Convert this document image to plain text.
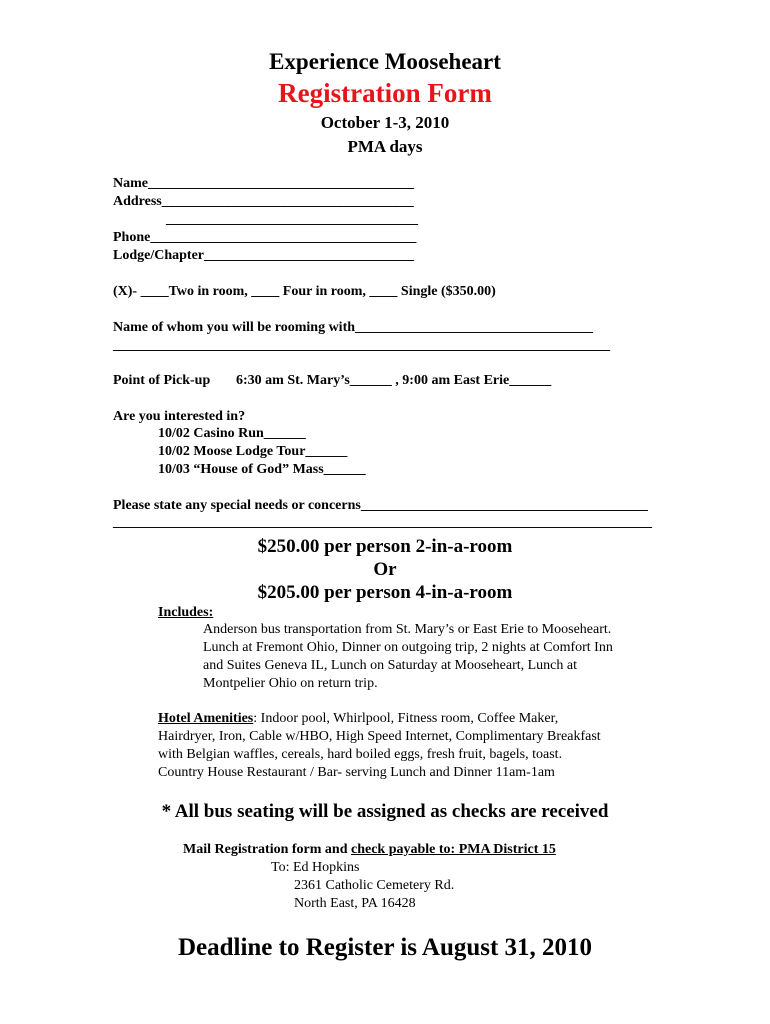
Experience Mooseheart
Registration Form
October 1-3, 2010
PMA days
Name______________________________________
Address____________________________________
____________________________________
Phone______________________________________
Lodge/Chapter______________________________
(X)- ____Two in room, ____ Four in room, ____ Single ($350.00)
Name of whom you will be rooming with__________________________________
_______________________________________________________________________
Point of Pick-up 6:30 am St. Mary’s______ , 9:00 am East Erie______
Are you interested in?
10/02 Casino Run______
10/02 Moose Lodge Tour______
10/03 “House of God” Mass______
Please state any special needs or concerns_________________________________________
_____________________________________________________________________________
$250.00 per person 2-in-a-room
Or
$205.00 per person 4-in-a-room
Includes:
Anderson bus transportation from St. Mary’s or East Erie to Mooseheart.
Lunch at Fremont Ohio, Dinner on outgoing trip, 2 nights at Comfort Inn
and Suites Geneva IL, Lunch on Saturday at Mooseheart, Lunch at
Montpelier Ohio on return trip.
Hotel Amenities: Indoor pool, Whirlpool, Fitness room, Coffee Maker,
Hairdryer, Iron, Cable w/HBO, High Speed Internet, Complimentary Breakfast
with Belgian waffles, cereals, hard boiled eggs, fresh fruit, bagels, toast.
Country House Restaurant / Bar- serving Lunch and Dinner 11am-1am
* All bus seating will be assigned as checks are received
Mail Registration form and check payable to: PMA District 15
To: Ed Hopkins
2361 Catholic Cemetery Rd.
North East, PA 16428
Deadline to Register is August 31, 2010
